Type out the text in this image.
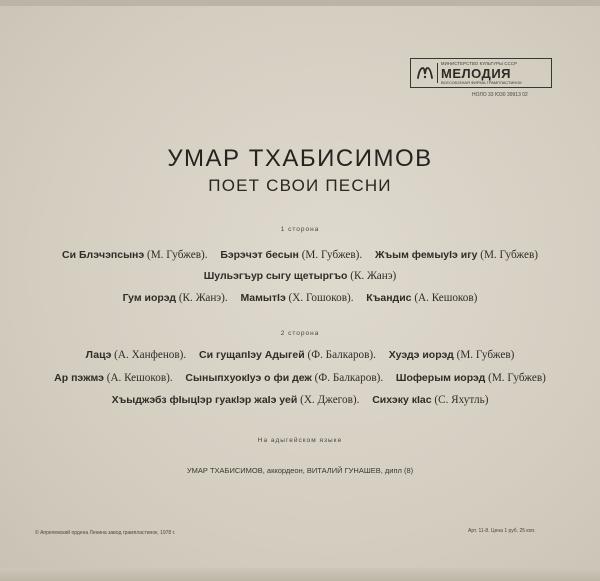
МИНИСТЕРСТВО КУЛЬТУРЫ СССР
МЕЛОДИЯ
ВСЕСОЮЗНАЯ ФИРМА ГРАМПЛАСТИНОК
НОЛО 33 Ю30 39913 02
УМАР ТХАБИСИМОВ
ПОЕТ СВОИ ПЕСНИ
1 сторона
Си Блэчэпсынэ (М. Губжев). Бэрэчэт бесын (М. Губжев). Жъым фемыуIэ игу (М. Губжев)
Шульэгъур сыгу щетыргъо (К. Жанэ)
Гум иорэд (К. Жанэ). МамытIэ (Х. Гошоков). Къандис (А. Кешоков)
2 сторона
Лацэ (А. Ханфенов). Си гущапIэу Адыгей (Ф. Балкаров). Хуэдэ иорэд (М. Губжев)
Ар пэжмэ (А. Кешоков). СыныпхуокIуэ о фи деж (Ф. Балкаров). Шоферым иорэд (М. Губжев)
Хъыджэбз фIыцIэр гуакIэр жаIэ уей (Х. Джегов). Сихэку кIас (С. Яхутль)
На адыгейском языке
УМАР ТХАБИСИМОВ, аккордеон, ВИТАЛИЙ ГУНАШЕВ, дипл (8)
© Апрелевский ордена Ленина завод грампластинок, 1978 г.	Арт. 11-8. Цена 1 руб. 25 коп.
